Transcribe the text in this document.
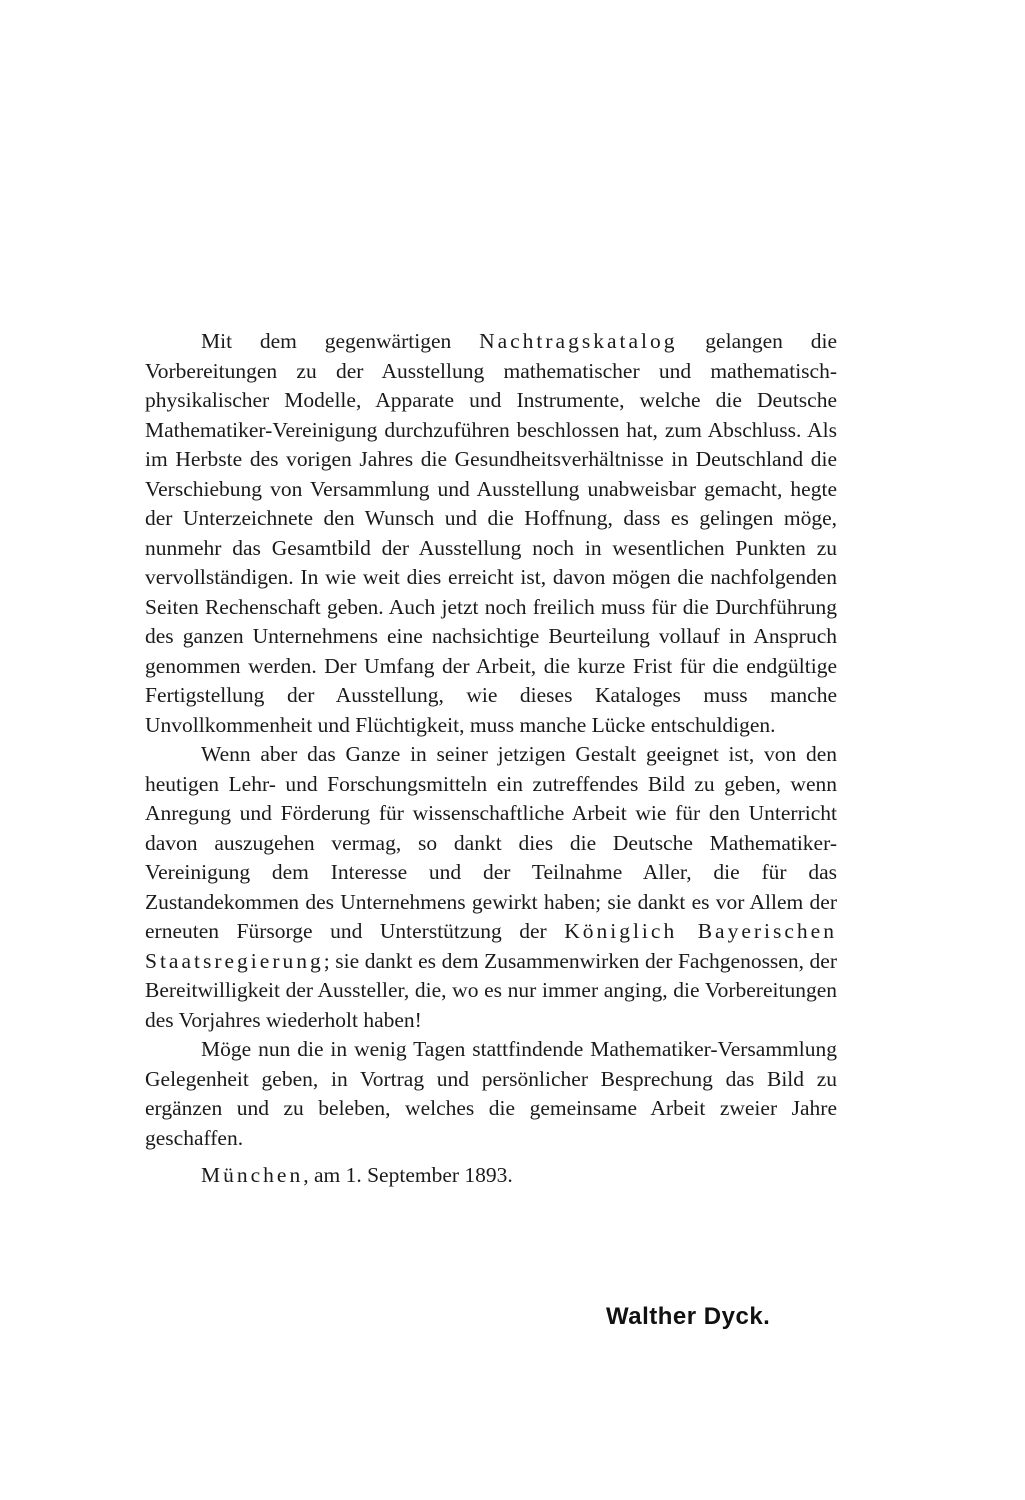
Mit dem gegenwärtigen Nachtragskatalog gelangen die Vorbereitungen zu der Ausstellung mathematischer und mathematisch-physikalischer Modelle, Apparate und Instrumente, welche die Deutsche Mathematiker-Vereinigung durchzuführen beschlossen hat, zum Abschluss. Als im Herbste des vorigen Jahres die Gesundheitsverhältnisse in Deutschland die Verschiebung von Versammlung und Ausstellung unabweisbar gemacht, hegte der Unterzeichnete den Wunsch und die Hoffnung, dass es gelingen möge, nunmehr das Gesamtbild der Ausstellung noch in wesentlichen Punkten zu vervollständigen. In wie weit dies erreicht ist, davon mögen die nachfolgenden Seiten Rechenschaft geben. Auch jetzt noch freilich muss für die Durchführung des ganzen Unternehmens eine nachsichtige Beurteilung vollauf in Anspruch genommen werden. Der Umfang der Arbeit, die kurze Frist für die endgültige Fertigstellung der Ausstellung, wie dieses Kataloges muss manche Unvollkommenheit und Flüchtigkeit, muss manche Lücke entschuldigen.

Wenn aber das Ganze in seiner jetzigen Gestalt geeignet ist, von den heutigen Lehr- und Forschungsmitteln ein zutreffendes Bild zu geben, wenn Anregung und Förderung für wissenschaftliche Arbeit wie für den Unterricht davon auszugehen vermag, so dankt dies die Deutsche Mathematiker-Vereinigung dem Interesse und der Teilnahme Aller, die für das Zustandekommen des Unternehmens gewirkt haben; sie dankt es vor Allem der erneuten Fürsorge und Unterstützung der Königlich Bayerischen Staatsregierung; sie dankt es dem Zusammenwirken der Fachgenossen, der Bereitwilligkeit der Aussteller, die, wo es nur immer anging, die Vorbereitungen des Vorjahres wiederholt haben!

Möge nun die in wenig Tagen stattfindende Mathematiker-Versammlung Gelegenheit geben, in Vortrag und persönlicher Besprechung das Bild zu ergänzen und zu beleben, welches die gemeinsame Arbeit zweier Jahre geschaffen.

München, am 1. September 1893.

Walther Dyck.
